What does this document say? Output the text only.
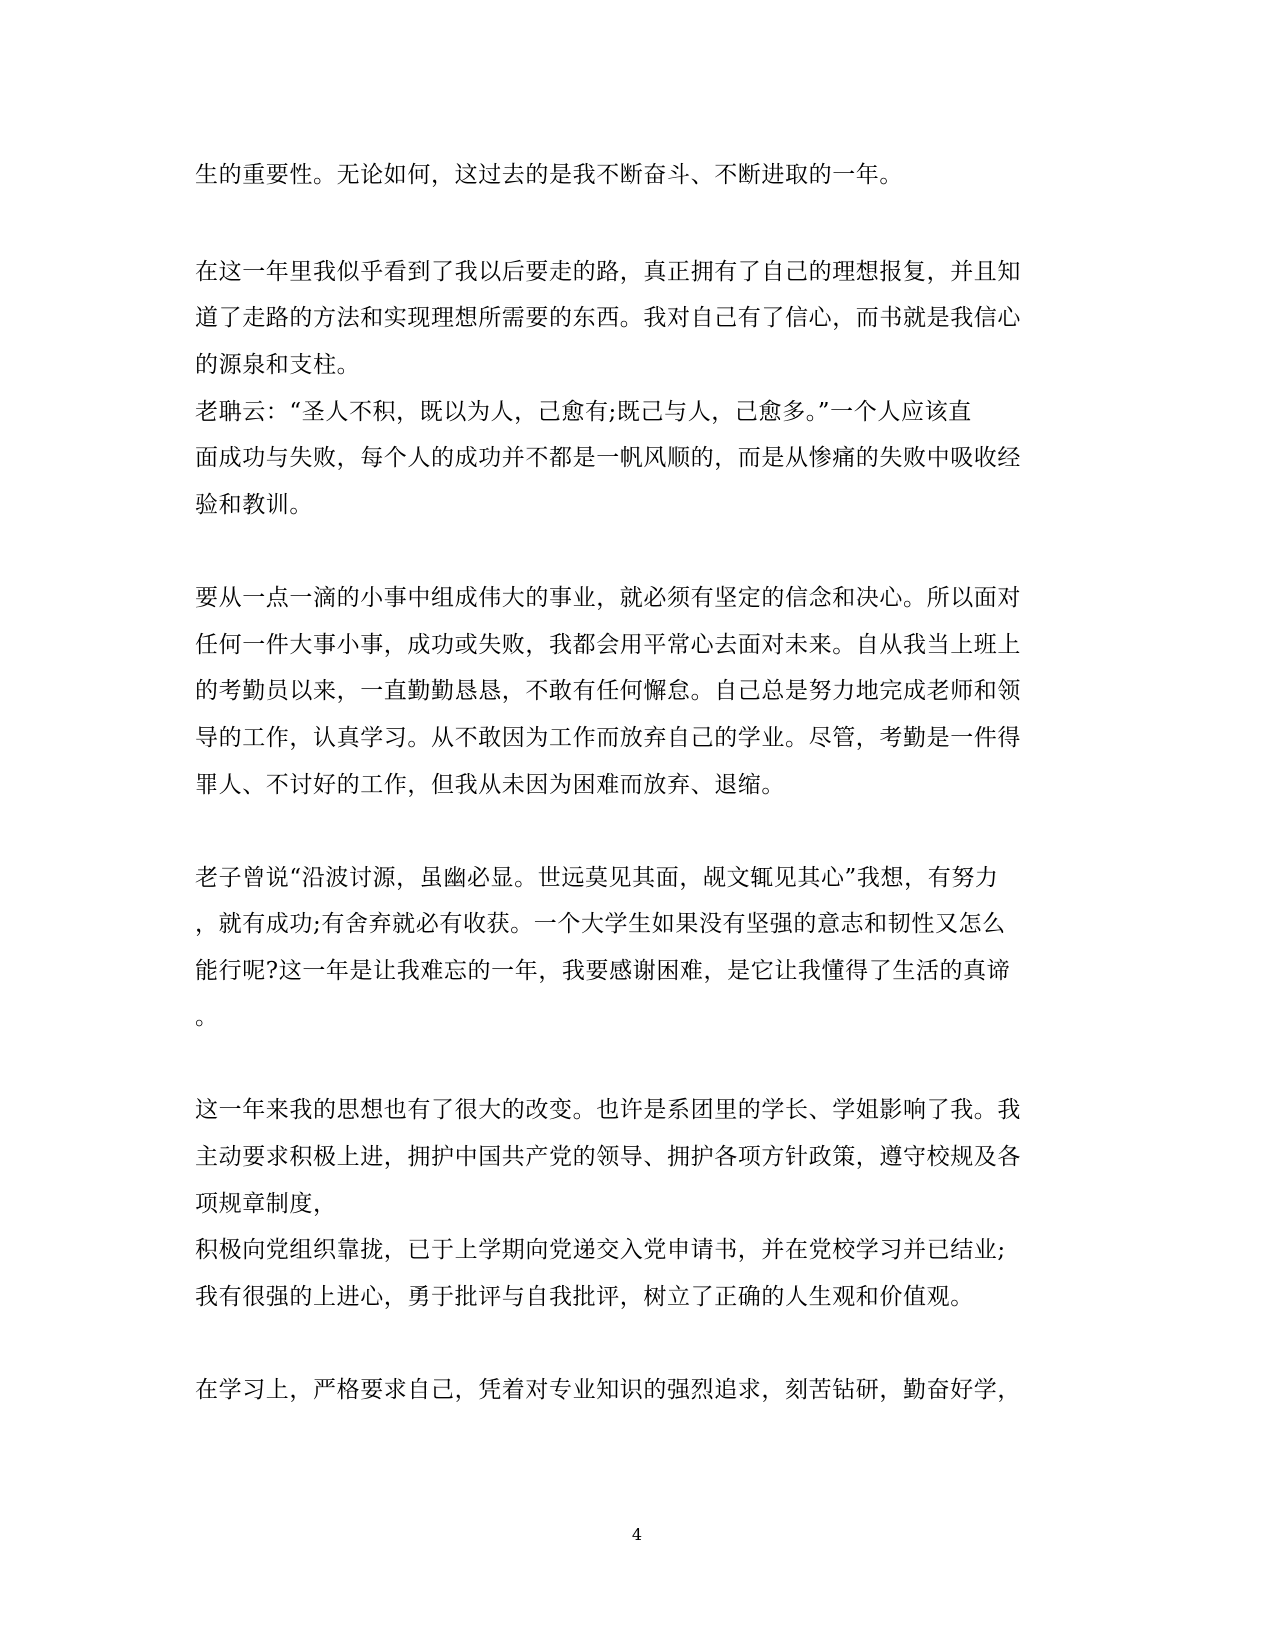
生的重要性。无论如何，这过去的是我不断奋斗、不断进取的一年。
在这一年里我似乎看到了我以后要走的路，真正拥有了自己的理想报复，并且知
道了走路的方法和实现理想所需要的东西。我对自己有了信心，而书就是我信心
的源泉和支柱。
老聃云：“圣人不积，既以为人，己愈有;既己与人，己愈多。”一个人应该直
面成功与失败，每个人的成功并不都是一帆风顺的，而是从惨痛的失败中吸收经
验和教训。
要从一点一滴的小事中组成伟大的事业，就必须有坚定的信念和决心。所以面对
任何一件大事小事，成功或失败，我都会用平常心去面对未来。自从我当上班上
的考勤员以来，一直勤勤恳恳，不敢有任何懈怠。自己总是努力地完成老师和领
导的工作，认真学习。从不敢因为工作而放弃自己的学业。尽管，考勤是一件得
罪人、不讨好的工作，但我从未因为困难而放弃、退缩。
老子曾说“沿波讨源，虽幽必显。世远莫见其面，觇文辄见其心”我想，有努力
，就有成功;有舍弃就必有收获。一个大学生如果没有坚强的意志和韧性又怎么
能行呢?这一年是让我难忘的一年，我要感谢困难，是它让我懂得了生活的真谛
。
这一年来我的思想也有了很大的改变。也许是系团里的学长、学姐影响了我。我
主动要求积极上进，拥护中国共产党的领导、拥护各项方针政策，遵守校规及各
项规章制度，
积极向党组织靠拢，已于上学期向党递交入党申请书，并在党校学习并已结业;
我有很强的上进心，勇于批评与自我批评，树立了正确的人生观和价值观。
在学习上，严格要求自己，凭着对专业知识的强烈追求，刻苦钻研，勤奋好学，
4
